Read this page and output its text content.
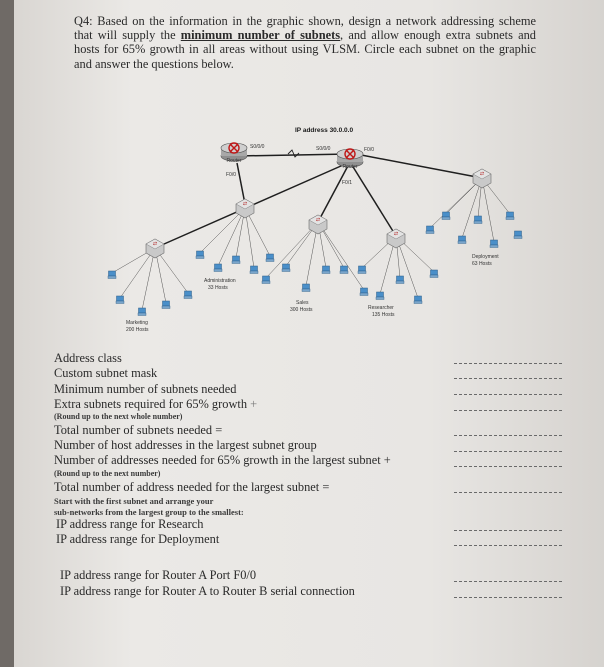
Q4: Based on the information in the graphic shown, design a network addressing scheme that will supply the minimum number of subnets, and allow enough extra subnets and hosts for 65% growth in all areas without using VLSM. Circle each subnet on the graphic and answer the questions below.
Router
Router
IP address 30.0.0.0
S0/0/0	S0/0/0
F0/0
F0/0
F0/1
Marketing
200 Hosts
Administration
33 Hosts
Sales
300 Hosts	Researcher
135 Hosts
Deployment
63 Hosts
Address class
Custom subnet mask
Minimum number of subnets needed
Extra subnets required for 65% growth +
(Round up to the next whole number)
Total number of subnets needed =
Number of host addresses in the largest subnet group
Number of addresses needed for 65% growth in the largest subnet +
(Round up to the next number)
Total number of address needed for the largest subnet =
Start with the first subnet and arrange your
sub-networks from the largest group to the smallest:
IP address range for Research
IP address range for Deployment
IP address range for Router A Port F0/0
IP address range for Router A to Router B serial connection
